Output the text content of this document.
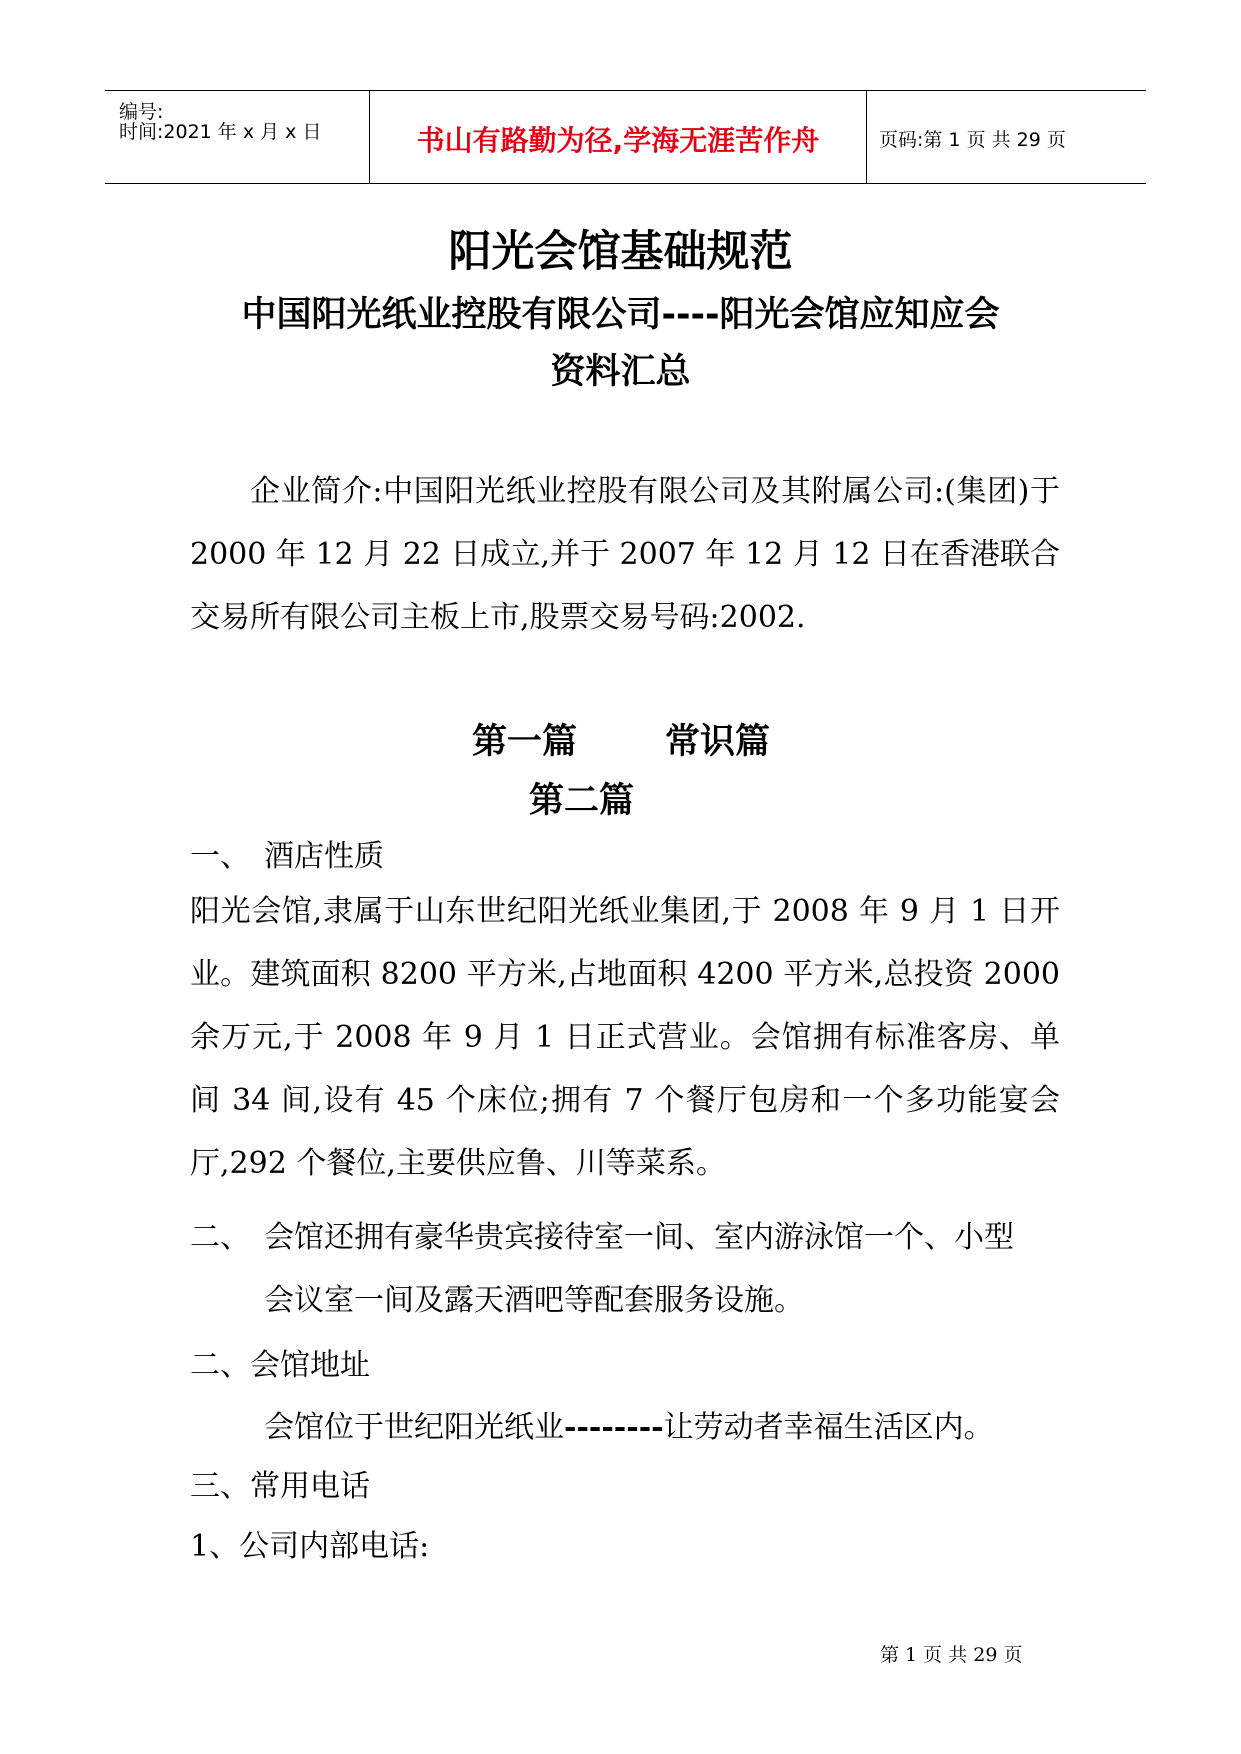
编号:
时间:2021 年 x 月 x 日	书山有路勤为径,学海无涯苦作舟	页码:第 1 页 共 29 页
阳光会馆基础规范
中国阳光纸业控股有限公司----阳光会馆应知应会
资料汇总
企业简介:中国阳光纸业控股有限公司及其附属公司:(集团)于 2000 年 12 月 22 日成立,并于 2007 年 12 月 12 日在香港联合交易所有限公司主板上市,股票交易号码:2002.
第一篇	常识篇
第二篇
一、 酒店性质
阳光会馆,隶属于山东世纪阳光纸业集团,于 2008 年 9 月 1 日开业。建筑面积 8200 平方米,占地面积 4200 平方米,总投资 2000 余万元,于 2008 年 9 月 1 日正式营业。会馆拥有标准客房、单间 34 间,设有 45 个床位;拥有 7 个餐厅包房和一个多功能宴会厅,292 个餐位,主要供应鲁、川等菜系。
二、 会馆还拥有豪华贵宾接待室一间、室内游泳馆一个、小型
会议室一间及露天酒吧等配套服务设施。
二、会馆地址
会馆位于世纪阳光纸业--------让劳动者幸福生活区内。
三、常用电话
1、公司内部电话:
第 1 页 共 29 页
